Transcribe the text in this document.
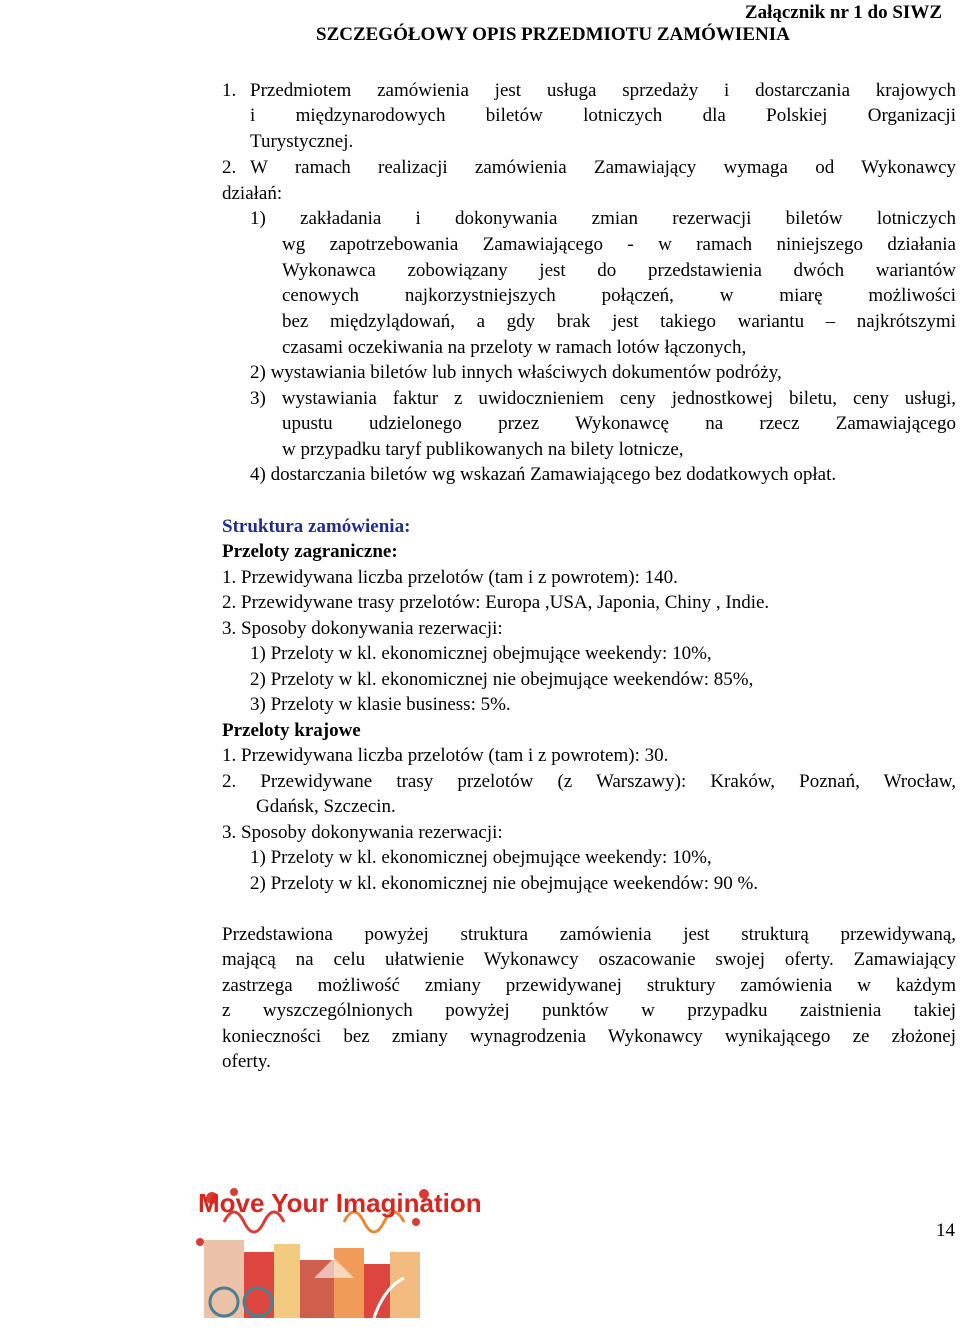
Załącznik nr 1 do SIWZ
SZCZEGÓŁOWY OPIS PRZEDMIOTU ZAMÓWIENIA
1. Przedmiotem zamówienia jest usługa sprzedaży i dostarczania krajowych
i międzynarodowych biletów lotniczych dla Polskiej Organizacji
Turystycznej.
2. W ramach realizacji zamówienia Zamawiający wymaga od Wykonawcy
działań:
1) zakładania i dokonywania zmian rezerwacji biletów lotniczych
wg zapotrzebowania Zamawiającego - w ramach niniejszego działania
Wykonawca zobowiązany jest do przedstawienia dwóch wariantów
cenowych najkorzystniejszych połączeń, w miarę możliwości
bez międzylądowań, a gdy brak jest takiego wariantu – najkrótszymi
czasami oczekiwania na przeloty w ramach lotów łączonych,
2) wystawiania biletów lub innych właściwych dokumentów podróży,
3) wystawiania faktur z uwidocznieniem ceny jednostkowej biletu, ceny usługi,
upustu udzielonego przez Wykonawcę na rzecz Zamawiającego
w przypadku taryf publikowanych na bilety lotnicze,
4) dostarczania biletów wg wskazań Zamawiającego bez dodatkowych opłat.
Struktura zamówienia:
Przeloty zagraniczne:
1. Przewidywana liczba przelotów (tam i z powrotem): 140.
2. Przewidywane trasy przelotów: Europa ,USA, Japonia, Chiny , Indie.
3. Sposoby dokonywania rezerwacji:
1) Przeloty w kl. ekonomicznej obejmujące weekendy: 10%,
2) Przeloty w kl. ekonomicznej nie obejmujące weekendów: 85%,
3) Przeloty w klasie business: 5%.
Przeloty krajowe
1. Przewidywana liczba przelotów (tam i z powrotem): 30.
2. Przewidywane trasy przelotów (z Warszawy): Kraków, Poznań, Wrocław,
Gdańsk, Szczecin.
3. Sposoby dokonywania rezerwacji:
1) Przeloty w kl. ekonomicznej obejmujące weekendy: 10%,
2) Przeloty w kl. ekonomicznej nie obejmujące weekendów: 90 %.
Przedstawiona powyżej struktura zamówienia jest strukturą przewidywaną,
mającą na celu ułatwienie Wykonawcy oszacowanie swojej oferty. Zamawiający
zastrzega możliwość zmiany przewidywanej struktury zamówienia w każdym
z wyszczególnionych powyżej punktów w przypadku zaistnienia takiej
konieczności bez zmiany wynagrodzenia Wykonawcy wynikającego ze złożonej
oferty.
Move Your Imagination
14
